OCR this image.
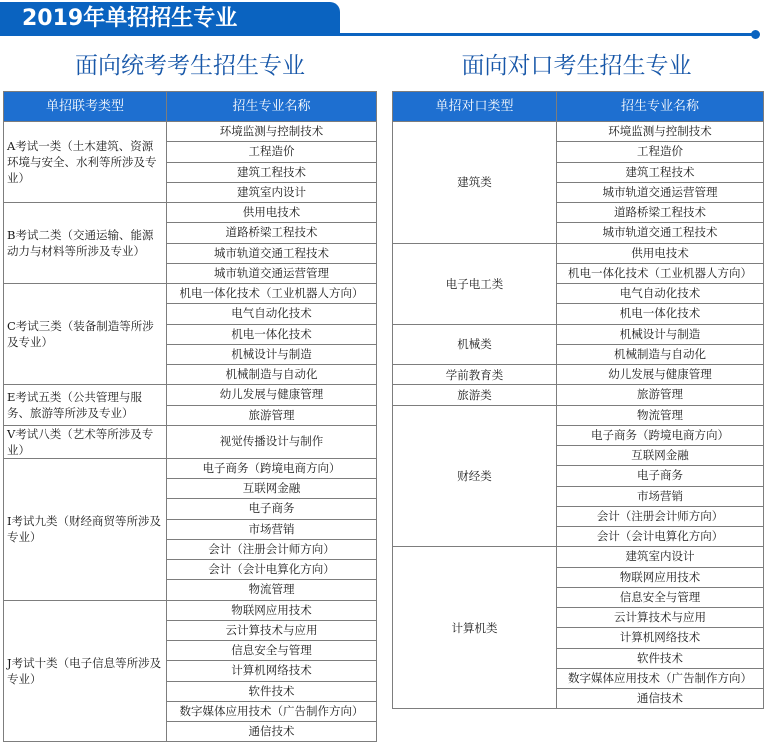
2019年单招招生专业
面向统考考生招生专业	面向对口考生招生专业
单招联考类型	招生专业名称
A考试一类（土木建筑、资源环境与安全、水利等所涉及专业）	环境监测与控制技术
	工程造价
	建筑工程技术
	建筑室内设计
B考试二类（交通运输、能源动力与材料等所涉及专业）	供用电技术
	道路桥梁工程技术
	城市轨道交通工程技术
	城市轨道交通运营管理
C考试三类（装备制造等所涉及专业）	机电一体化技术（工业机器人方向）
	电气自动化技术
	机电一体化技术
	机械设计与制造
	机械制造与自动化
E考试五类（公共管理与服务、旅游等所涉及专业）	幼儿发展与健康管理
	旅游管理
V考试八类（艺术等所涉及专业）	视觉传播设计与制作
I考试九类（财经商贸等所涉及专业）	电子商务（跨境电商方向）
	互联网金融
	电子商务
	市场营销
	会计（注册会计师方向）
	会计（会计电算化方向）
	物流管理
J考试十类（电子信息等所涉及专业）	物联网应用技术
	云计算技术与应用
	信息安全与管理
	计算机网络技术
	软件技术
	数字媒体应用技术（广告制作方向）
	通信技术
单招对口类型	招生专业名称
建筑类	环境监测与控制技术
	工程造价
	建筑工程技术
	城市轨道交通运营管理
	道路桥梁工程技术
	城市轨道交通工程技术
电子电工类	供用电技术
	机电一体化技术（工业机器人方向）
	电气自动化技术
	机电一体化技术
机械类	机械设计与制造
	机械制造与自动化
学前教育类	幼儿发展与健康管理
旅游类	旅游管理
财经类	物流管理
	电子商务（跨境电商方向）
	互联网金融
	电子商务
	市场营销
	会计（注册会计师方向）
	会计（会计电算化方向）
计算机类	建筑室内设计
	物联网应用技术
	信息安全与管理
	云计算技术与应用
	计算机网络技术
	软件技术
	数字媒体应用技术（广告制作方向）
	通信技术
